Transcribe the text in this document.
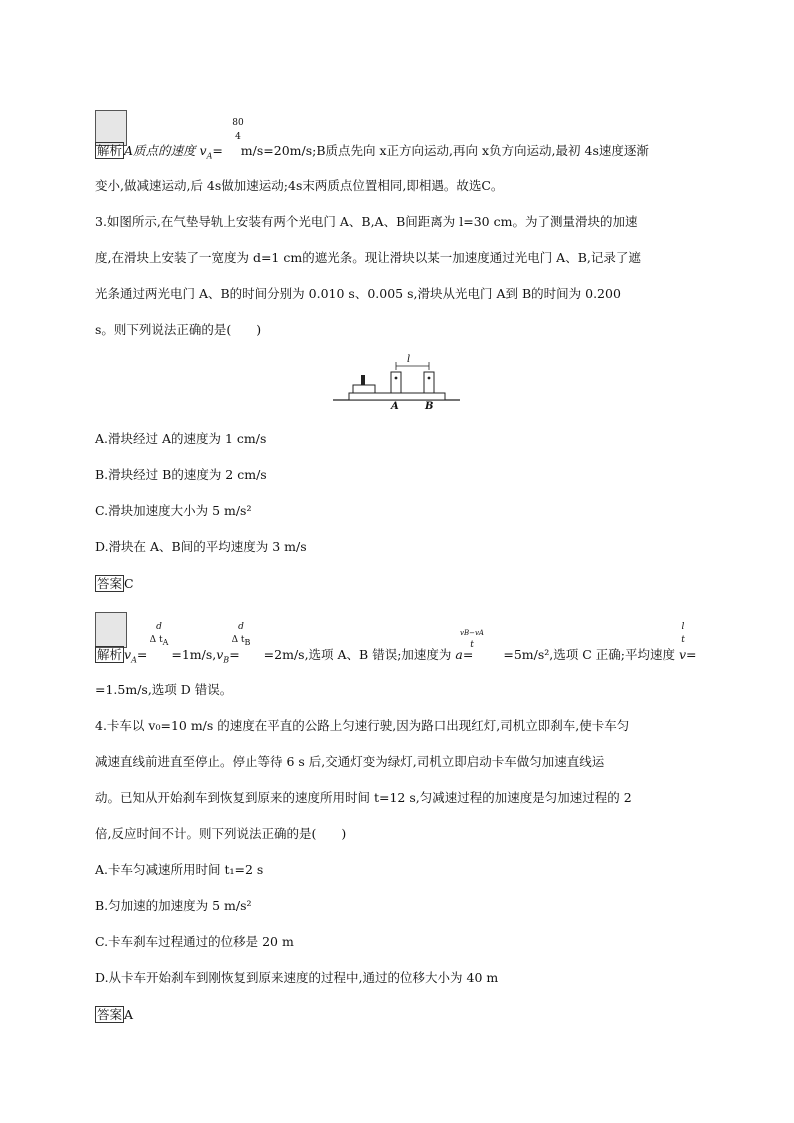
80
4
解析 A质点的速度 $v_A=$  m/s=20m/s;B质点先向 x正方向运动,再向 x负方向运动,最初 4s速度逐渐
变小,做减速运动,后 4s做加速运动;4s末两质点位置相同,即相遇。故选C。
3.如图所示,在气垫导轨上安装有两个光电门 A、B,A、B间距离为 l=30 cm。为了测量滑块的加速
度,在滑块上安装了一宽度为 d=1 cm的遮光条。现让滑块以某一加速度通过光电门 A、B,记录了遮
光条通过两光电门 A、B的时间分别为 0.010 s、0.005 s,滑块从光电门 A到 B的时间为 0.200
s。则下列说法正确的是(　　)
l
A	B
A.滑块经过 A的速度为 1 cm/s
B.滑块经过 B的速度为 2 cm/s
C.滑块加速度大小为 5 m/s²
D.滑块在 A、B间的平均速度为 3 m/s
答案 C
d
Δ $t_A$
d
Δ $t_B$
vB−vA
t
l
t
解析 $v_A= =1m/s,v_B= =2m/s$,选项 A、B 错误;加速度为 a= =5m/s²,选项 C 正确;平均速度 v=
=1.5m/s,选项 D 错误。
4.卡车以 v₀=10 m/s 的速度在平直的公路上匀速行驶,因为路口出现红灯,司机立即刹车,使卡车匀
减速直线前进直至停止。停止等待 6 s 后,交通灯变为绿灯,司机立即启动卡车做匀加速直线运
动。已知从开始刹车到恢复到原来的速度所用时间 t=12 s,匀减速过程的加速度是匀加速过程的 2
倍,反应时间不计。则下列说法正确的是(　　)
A.卡车匀减速所用时间 t₁=2 s
B.匀加速的加速度为 5 m/s²
C.卡车刹车过程通过的位移是 20 m
D.从卡车开始刹车到刚恢复到原来速度的过程中,通过的位移大小为 40 m
答案 A
